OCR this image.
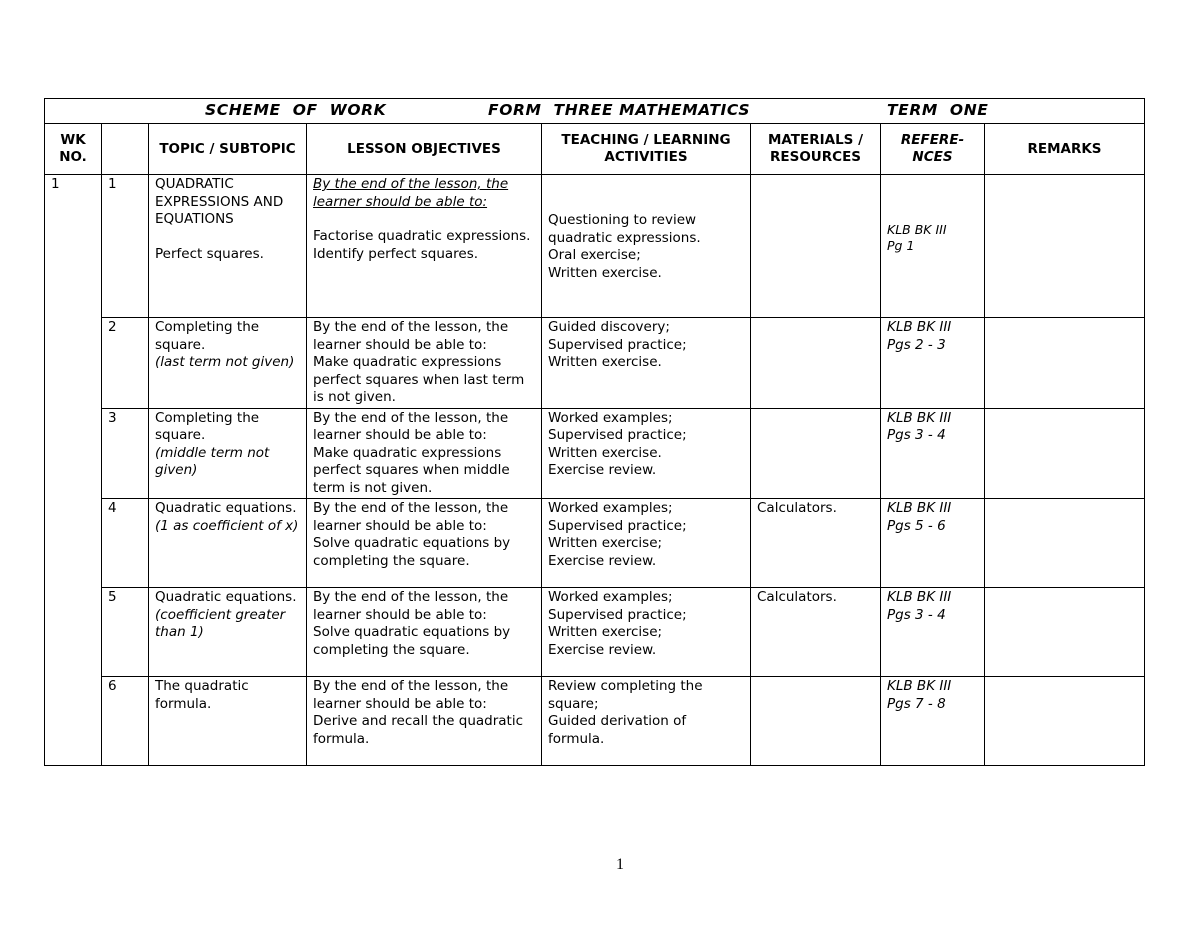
SCHEME  OF  WORK FORM  THREE MATHEMATICS TERM  ONE							

WK NO.		TOPIC / SUBTOPIC	LESSON OBJECTIVES	TEACHING / LEARNING ACTIVITIES	MATERIALS / RESOURCES	REFERE-NCES	REMARKS
1	1	QUADRATIC EXPRESSIONS AND EQUATIONS
Perfect squares.	By the end of the lesson, the learner should be able to:
Factorise quadratic expressions.
Identify perfect squares.	Questioning to review quadratic expressions.
Oral exercise;
Written exercise.		KLB BK III
Pg 1	

	2	Completing the square.
(last term not given)	By the end of the lesson, the learner should be able to:
Make quadratic expressions perfect squares when last term is not given.	Guided discovery;
Supervised practice;
Written exercise.		KLB BK III
Pgs 2 - 3	
	3	Completing the square.
(middle term not given)	By the end of the lesson, the learner should be able to:
Make quadratic expressions perfect squares when middle term is not given.	Worked examples;
Supervised practice;
Written exercise.
Exercise review.		KLB BK III
Pgs 3 - 4	
	4	Quadratic equations.
(1 as coefficient of x)	By the end of the lesson, the learner should be able to:
Solve quadratic equations by completing the square.	Worked examples;
Supervised practice;
Written exercise;
Exercise review.	Calculators.	KLB BK III
Pgs 5 - 6	
	5	Quadratic equations.
(coefficient greater than 1)	By the end of the lesson, the learner should be able to:
Solve quadratic equations by completing the square.	Worked examples;
Supervised practice;
Written exercise;
Exercise review.	Calculators.	KLB BK III
Pgs 3 - 4	
	6	The quadratic formula.	By the end of the lesson, the learner should be able to:
Derive and recall the quadratic formula.	Review completing the square;
Guided derivation of formula.		KLB BK III
Pgs 7 - 8	
1
